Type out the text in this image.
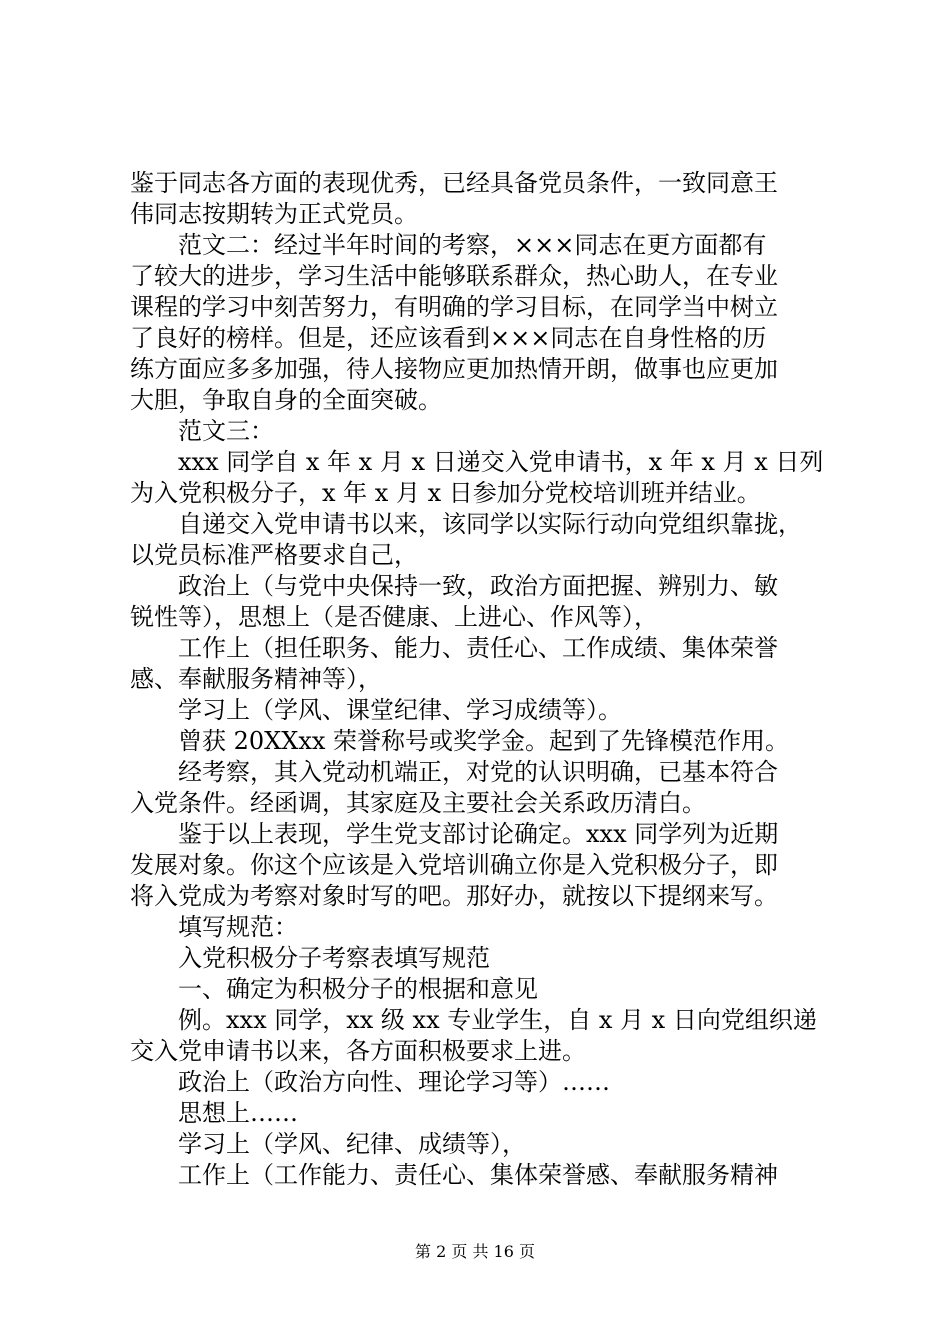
鉴于同志各方面的表现优秀，已经具备党员条件，一致同意王
伟同志按期转为正式党员。
范文二：经过半年时间的考察，×××同志在更方面都有
了较大的进步，学习生活中能够联系群众，热心助人，在专业
课程的学习中刻苦努力，有明确的学习目标，在同学当中树立
了良好的榜样。但是，还应该看到×××同志在自身性格的历
练方面应多多加强，待人接物应更加热情开朗，做事也应更加
大胆，争取自身的全面突破。
范文三：
xxx 同学自 x 年 x 月 x 日递交入党申请书，x 年 x 月 x 日列
为入党积极分子，x 年 x 月 x 日参加分党校培训班并结业。
自递交入党申请书以来，该同学以实际行动向党组织靠拢，
以党员标准严格要求自己，
政治上（与党中央保持一致，政治方面把握、辨别力、敏
锐性等），思想上（是否健康、上进心、作风等），
工作上（担任职务、能力、责任心、工作成绩、集体荣誉
感、奉献服务精神等），
学习上（学风、课堂纪律、学习成绩等）。
曾获 20XXxx 荣誉称号或奖学金。起到了先锋模范作用。
经考察，其入党动机端正，对党的认识明确，已基本符合
入党条件。经函调，其家庭及主要社会关系政历清白。
鉴于以上表现，学生党支部讨论确定。xxx 同学列为近期
发展对象。你这个应该是入党培训确立你是入党积极分子，即
将入党成为考察对象时写的吧。那好办，就按以下提纲来写。
填写规范：
入党积极分子考察表填写规范
一、确定为积极分子的根据和意见
例。xxx 同学，xx 级 xx 专业学生，自 x 月 x 日向党组织递
交入党申请书以来，各方面积极要求上进。
政治上（政治方向性、理论学习等）……
思想上……
学习上（学风、纪律、成绩等），
工作上（工作能力、责任心、集体荣誉感、奉献服务精神
第 2 页 共 16 页
